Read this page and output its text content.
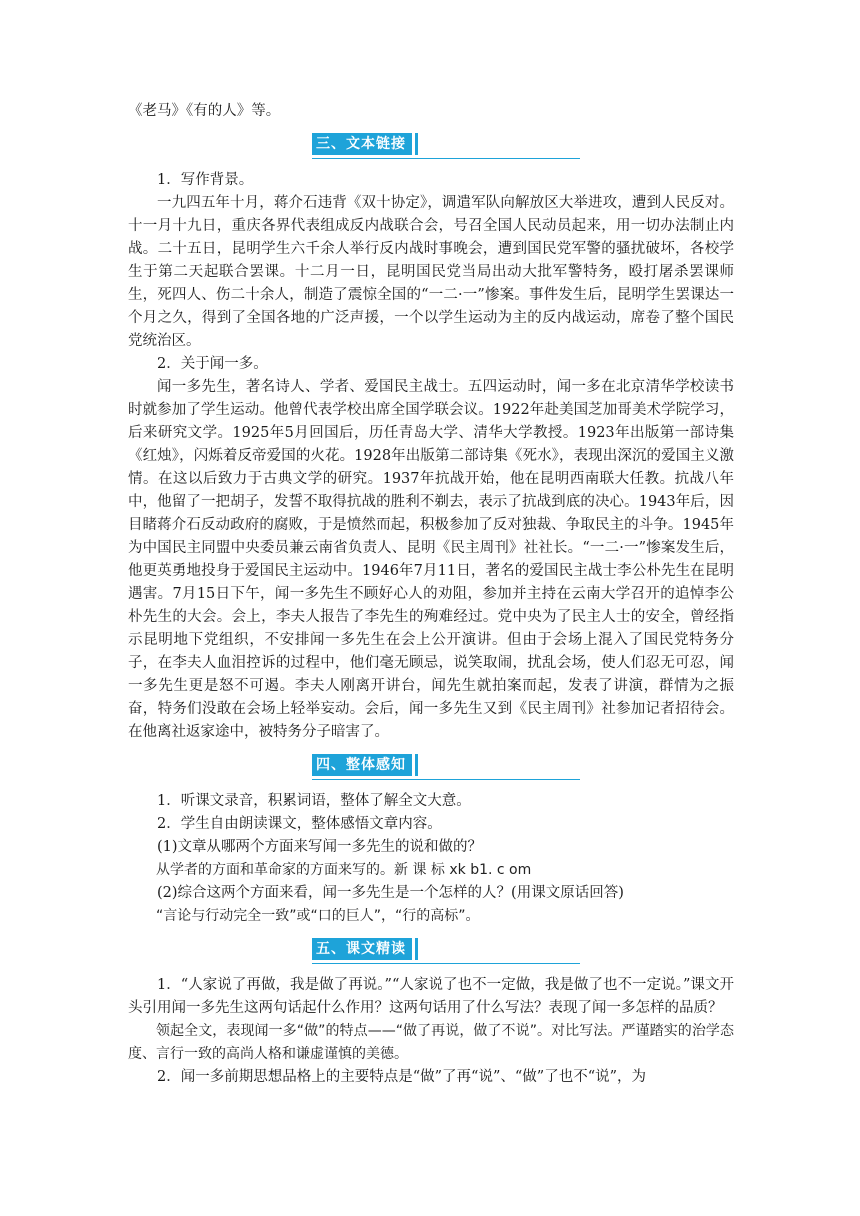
《老马》《有的人》等。
三、文本链接
1．写作背景。
一九四五年十月，蒋介石违背《双十协定》，调遣军队向解放区大举进攻，遭到人民反对。十一月十九日，重庆各界代表组成反内战联合会，号召全国人民动员起来，用一切办法制止内战。二十五日，昆明学生六千余人举行反内战时事晚会，遭到国民党军警的骚扰破坏，各校学生于第二天起联合罢课。十二月一日，昆明国民党当局出动大批军警特务，殴打屠杀罢课师生，死四人、伤二十余人，制造了震惊全国的“一二·一”惨案。事件发生后，昆明学生罢课达一个月之久，得到了全国各地的广泛声援，一个以学生运动为主的反内战运动，席卷了整个国民党统治区。
2．关于闻一多。
闻一多先生，著名诗人、学者、爱国民主战士。五四运动时，闻一多在北京清华学校读书时就参加了学生运动。他曾代表学校出席全国学联会议。1922年赴美国芝加哥美术学院学习，后来研究文学。1925年5月回国后，历任青岛大学、清华大学教授。1923年出版第一部诗集《红烛》，闪烁着反帝爱国的火花。1928年出版第二部诗集《死水》，表现出深沉的爱国主义激情。在这以后致力于古典文学的研究。1937年抗战开始，他在昆明西南联大任教。抗战八年中，他留了一把胡子，发誓不取得抗战的胜利不剃去，表示了抗战到底的决心。1943年后，因目睹蒋介石反动政府的腐败，于是愤然而起，积极参加了反对独裁、争取民主的斗争。1945年为中国民主同盟中央委员兼云南省负责人、昆明《民主周刊》社社长。“一二·一”惨案发生后，他更英勇地投身于爱国民主运动中。1946年7月11日，著名的爱国民主战士李公朴先生在昆明遇害。7月15日下午，闻一多先生不顾好心人的劝阻，参加并主持在云南大学召开的追悼李公朴先生的大会。会上，李夫人报告了李先生的殉难经过。党中央为了民主人士的安全，曾经指示昆明地下党组织，不安排闻一多先生在会上公开演讲。但由于会场上混入了国民党特务分子，在李夫人血泪控诉的过程中，他们毫无顾忌，说笑取闹，扰乱会场，使人们忍无可忍，闻一多先生更是怒不可遏。李夫人刚离开讲台，闻先生就拍案而起，发表了讲演，群情为之振奋，特务们没敢在会场上轻举妄动。会后，闻一多先生又到《民主周刊》社参加记者招待会。在他离社返家途中，被特务分子暗害了。
四、整体感知
1．听课文录音，积累词语，整体了解全文大意。
2．学生自由朗读课文，整体感悟文章内容。
(1)文章从哪两个方面来写闻一多先生的说和做的？
从学者的方面和革命家的方面来写的。新 课 标 xk b1. c om
(2)综合这两个方面来看，闻一多先生是一个怎样的人？(用课文原话回答)
“言论与行动完全一致”或“口的巨人”，“行的高标”。
五、课文精读
1．“人家说了再做，我是做了再说。”“人家说了也不一定做，我是做了也不一定说。”课文开头引用闻一多先生这两句话起什么作用？这两句话用了什么写法？表现了闻一多怎样的品质？
领起全文，表现闻一多“做”的特点——“做了再说，做了不说”。对比写法。严谨踏实的治学态度、言行一致的高尚人格和谦虚谨慎的美德。
2．闻一多前期思想品格上的主要特点是“做”了再“说”、“做”了也不“说”，为
